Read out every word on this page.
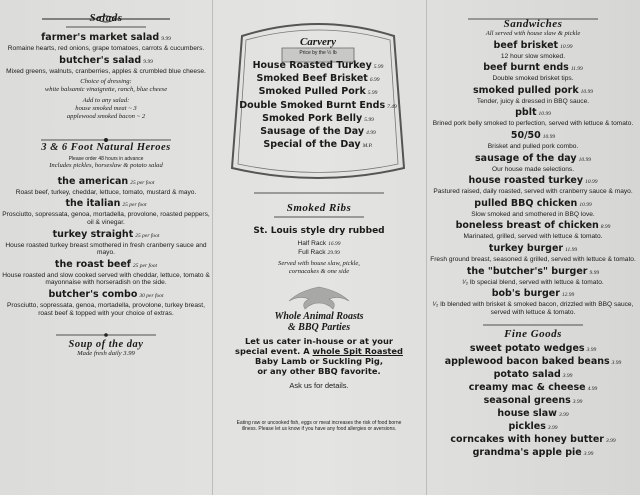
Salads
farmer's market salad 9.99
Romaine hearts, red onions, grape tomatoes, carrots & cucumbers.
butcher's salad 9.99
Mixed greens, walnuts, cranberries, apples & crumbled blue cheese.
Choice of dressing:
white balsamic vinaigrette, ranch, blue cheese
Add to any salad:
house smoked meat ~ 3
applewood smoked bacon ~ 2
3 & 6 Foot Natural Heroes
Please order 48 hours in advance
Includes pickles, horseslaw & potato salad
the american 25 per foot
Roast beef, turkey, cheddar, lettuce, tomato, mustard & mayo.
the italian 25 per foot
Prosciutto, sopressata, genoa, mortadella, provolone, roasted peppers, oil & vinegar.
turkey straight 25 per foot
House roasted turkey breast smothered in fresh cranberry sauce and mayo.
the roast beef 25 per foot
House roasted and slow cooked served with cheddar, lettuce, tomato & mayonnaise with horseradish on the side.
butcher's combo 30 per foot
Prosciutto, sopressata, genoa, mortadella, provolone, turkey breast, roast beef & topped with your choice of extras.
Soup of the day
Made fresh daily 3.99
Carvery
Price by the ½ lb
House Roasted Turkey 5.99
Smoked Beef Brisket 6.99
Smoked Pulled Pork 5.99
Double Smoked Burnt Ends 7.49
Smoked Pork Belly 5.99
Sausage of the Day 4.99
Special of the Day M.P.
Smoked Ribs
St. Louis style dry rubbed
Half Rack 16.99
Full Rack 29.99
Served with house slaw, pickle, cornacakes & one side
Whole Animal Roasts
& BBQ Parties
Let us cater in-house or at your
special event. A whole Spit Roasted
Baby Lamb or Suckling Pig,
or any other BBQ favorite.
Ask us for details.
Eating raw or uncooked fish, eggs or meat increases the risk of food borne illness. Please let us know if you have any food allergies or aversions.
Sandwiches
All served with house slaw & pickle
beef brisket 10.99
12 hour slow smoked.
beef burnt ends 11.99
Double smoked brisket tips.
smoked pulled pork 10.99
Tender, juicy & dressed in BBQ sauce.
pblt 10.99
Brined pork belly smoked to perfection, served with lettuce & tomato.
50/50 10.99
Brisket and pulled pork combo.
sausage of the day 10.99
Our house made selections.
house roasted turkey 10.99
Pastured raised, daily roasted, served with cranberry sauce & mayo.
pulled BBQ chicken 10.99
Slow smoked and smothered in BBQ love.
boneless breast of chicken 8.99
Marinated, grilled, served with lettuce & tomato.
turkey burger 11.99
Fresh ground breast, seasoned & grilled, served with lettuce & tomato.
the "butcher's" burger 9.99
¹⁄₂ lb special blend, served with lettuce & tomato.
bob's burger 12.99
¹⁄₂ lb blended with brisket & smoked bacon, drizzled with BBQ sauce, served with lettuce & tomato.
Fine Goods
sweet potato wedges 3.99
applewood bacon baked beans 3.99
potato salad 3.99
creamy mac & cheese 4.99
seasonal greens 3.99
house slaw 3.99
pickles 3.99
corncakes with honey butter 3.99
grandma's apple pie 3.99
